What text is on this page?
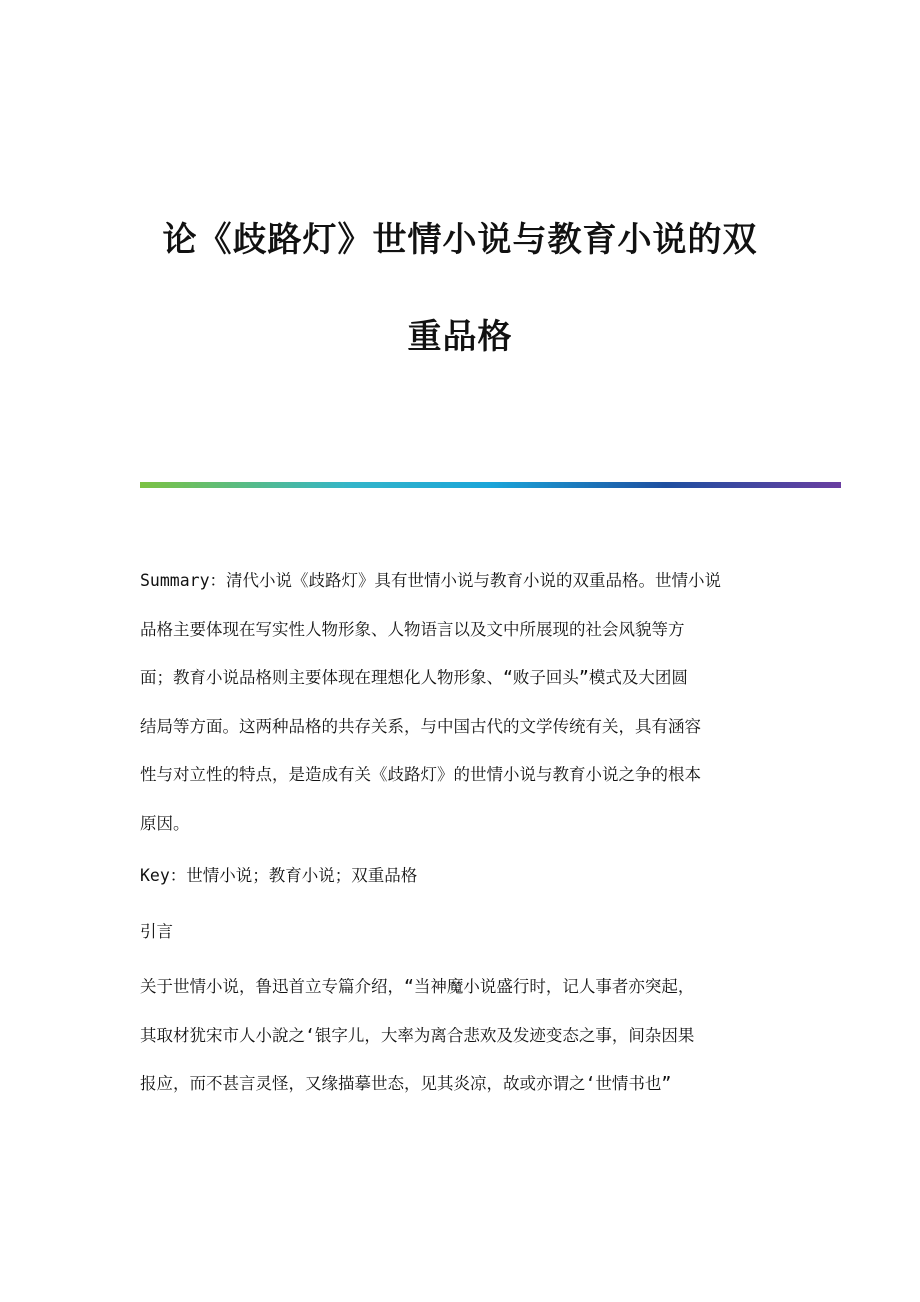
论《歧路灯》世情小说与教育小说的双
重品格
Summary：清代小说《歧路灯》具有世情小说与教育小说的双重品格。世情小说
品格主要体现在写实性人物形象、人物语言以及文中所展现的社会风貌等方
面；教育小说品格则主要体现在理想化人物形象、“败子回头”模式及大团圆
结局等方面。这两种品格的共存关系，与中国古代的文学传统有关，具有涵容
性与对立性的特点，是造成有关《歧路灯》的世情小说与教育小说之争的根本
原因。
Key：世情小说；教育小说；双重品格
引言
关于世情小说，鲁迅首立专篇介绍，“当神魔小说盛行时，记人事者亦突起，
其取材犹宋市人小說之‘银字儿，大率为离合悲欢及发迹变态之事，间杂因果
报应，而不甚言灵怪，又缘描摹世态，见其炎凉，故或亦谓之‘世情书也”
